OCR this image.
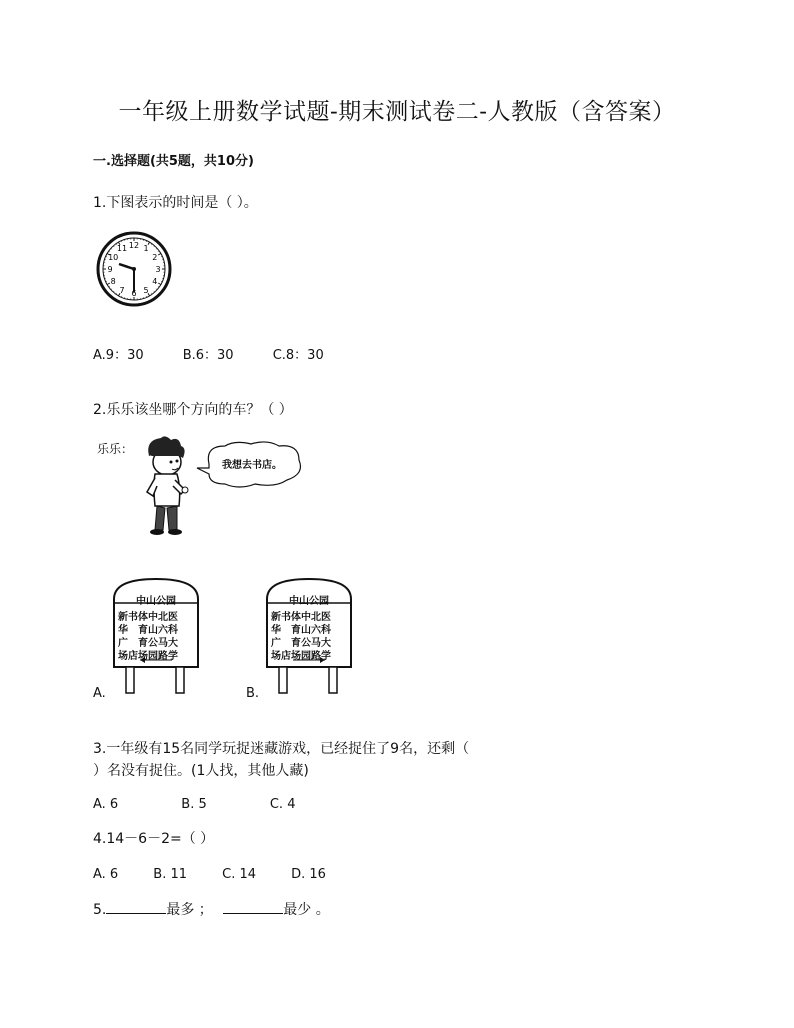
一年级上册数学试题-期末测试卷二-人教版（含答案）
一.选择题(共5题，共10分)
1.下图表示的时间是（ ）。
12 1
2
3
4
5
6
7
8
9
10
11
A.9：30	B.6：30	C.8：30
2.乐乐该坐哪个方向的车？（ ）
乐乐：
我想去书店。
中山公园
新书体中北医
华　育山六科
广　育公马大
场店场园路学
A.
中山公园
新书体中北医
华　育山六科
广　育公马大
场店场园路学
B.
3.一年级有15名同学玩捉迷藏游戏，已经捉住了9名，还剩（
）名没有捉住。(1人找，其他人藏)
A. 6	B. 5	C. 4
4.14－6－2=（ ）
A. 6	B. 11	C. 14	D. 16
5.	最多 ；	最少 。
